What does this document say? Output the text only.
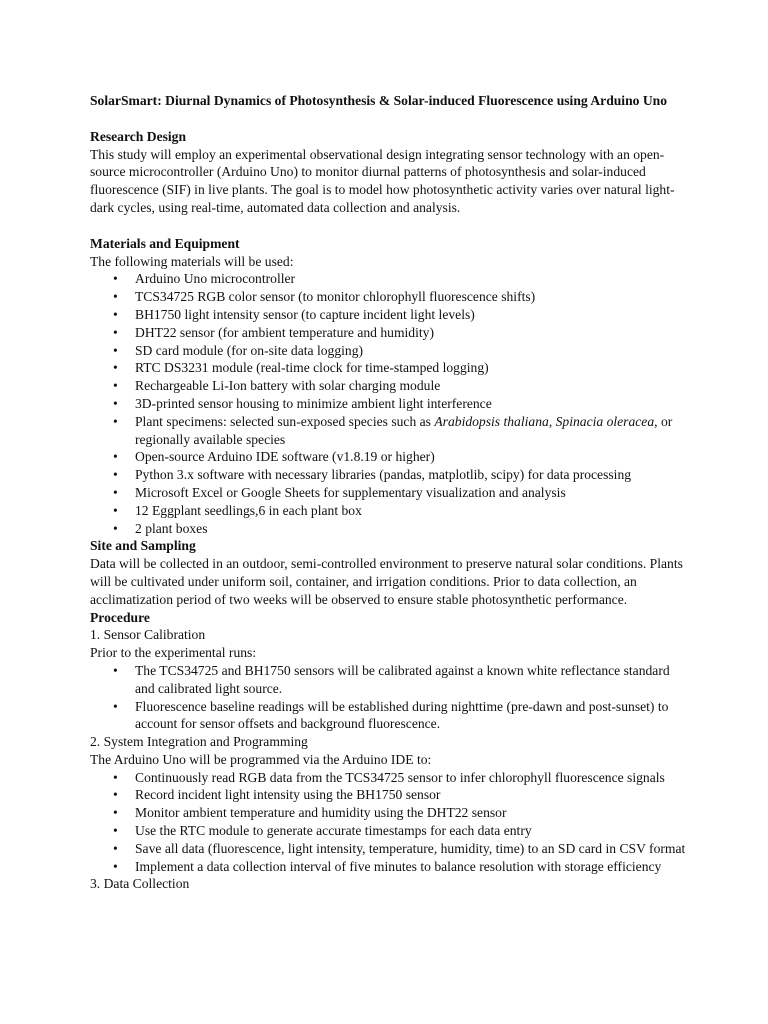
SolarSmart: Diurnal Dynamics of Photosynthesis & Solar-induced Fluorescence using Arduino Uno

Research Design

This study will employ an experimental observational design integrating sensor technology with an open-source microcontroller (Arduino Uno) to monitor diurnal patterns of photosynthesis and solar-induced fluorescence (SIF) in live plants. The goal is to model how photosynthetic activity varies over natural light-dark cycles, using real-time, automated data collection and analysis.

Materials and Equipment

The following materials will be used:

• Arduino Uno microcontroller
• TCS34725 RGB color sensor (to monitor chlorophyll fluorescence shifts)
• BH1750 light intensity sensor (to capture incident light levels)
• DHT22 sensor (for ambient temperature and humidity)
• SD card module (for on-site data logging)
• RTC DS3231 module (real-time clock for time-stamped logging)
• Rechargeable Li-Ion battery with solar charging module
• 3D-printed sensor housing to minimize ambient light interference
• Plant specimens: selected sun-exposed species such as Arabidopsis thaliana, Spinacia oleracea, or regionally available species
• Open-source Arduino IDE software (v1.8.19 or higher)
• Python 3.x software with necessary libraries (pandas, matplotlib, scipy) for data processing
• Microsoft Excel or Google Sheets for supplementary visualization and analysis
• 12 Eggplant seedlings,6 in each plant box
• 2 plant boxes

Site and Sampling

Data will be collected in an outdoor, semi-controlled environment to preserve natural solar conditions. Plants will be cultivated under uniform soil, container, and irrigation conditions. Prior to data collection, an acclimatization period of two weeks will be observed to ensure stable photosynthetic performance.

Procedure

1. Sensor Calibration

Prior to the experimental runs:

• The TCS34725 and BH1750 sensors will be calibrated against a known white reflectance standard and calibrated light source.
• Fluorescence baseline readings will be established during nighttime (pre-dawn and post-sunset) to account for sensor offsets and background fluorescence.

2. System Integration and Programming

The Arduino Uno will be programmed via the Arduino IDE to:

• Continuously read RGB data from the TCS34725 sensor to infer chlorophyll fluorescence signals
• Record incident light intensity using the BH1750 sensor
• Monitor ambient temperature and humidity using the DHT22 sensor
• Use the RTC module to generate accurate timestamps for each data entry
• Save all data (fluorescence, light intensity, temperature, humidity, time) to an SD card in CSV format
• Implement a data collection interval of five minutes to balance resolution with storage efficiency

3. Data Collection
